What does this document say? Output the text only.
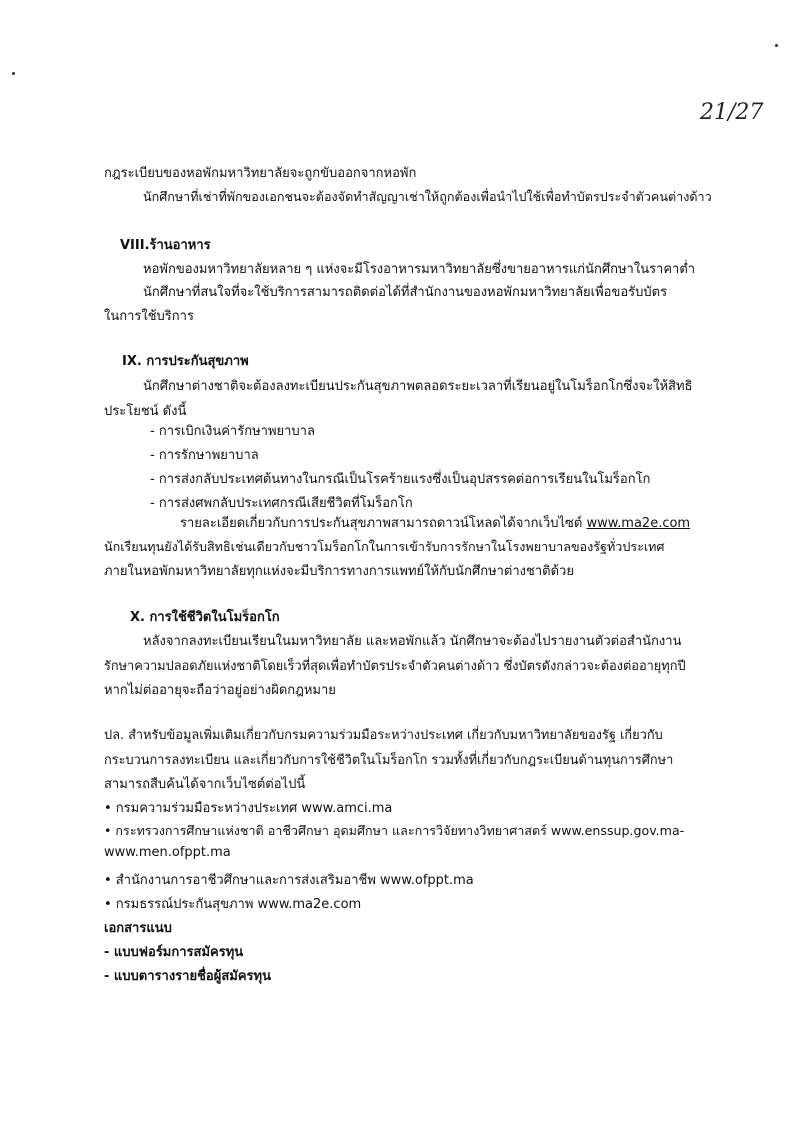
21/27
กฎระเบียบของหอพักมหาวิทยาลัยจะถูกขับออกจากหอพัก
นักศึกษาที่เช่าที่พักของเอกชนจะต้องจัดทำสัญญาเช่าให้ถูกต้องเพื่อนำไปใช้เพื่อทำบัตรประจำตัวคนต่างด้าว
VIII.ร้านอาหาร
หอพักของมหาวิทยาลัยหลาย ๆ แห่งจะมีโรงอาหารมหาวิทยาลัยซึ่งขายอาหารแก่นักศึกษาในราคาต่ำ
นักศึกษาที่สนใจที่จะใช้บริการสามารถติดต่อได้ที่สำนักงานของหอพักมหาวิทยาลัยเพื่อขอรับบัตร
ในการใช้บริการ
IX. การประกันสุขภาพ
นักศึกษาต่างชาติจะต้องลงทะเบียนประกันสุขภาพตลอดระยะเวลาที่เรียนอยู่ในโมร็อกโกซึ่งจะให้สิทธิ
ประโยชน์ ดังนี้
- การเบิกเงินค่ารักษาพยาบาล
- การรักษาพยาบาล
- การส่งกลับประเทศต้นทางในกรณีเป็นโรคร้ายแรงซึ่งเป็นอุปสรรคต่อการเรียนในโมร็อกโก
- การส่งศพกลับประเทศกรณีเสียชีวิตที่โมร็อกโก
รายละเอียดเกี่ยวกับการประกันสุขภาพสามารถดาวน์โหลดได้จากเว็บไซต์ www.ma2e.com
นักเรียนทุนยังได้รับสิทธิเช่นเดียวกับชาวโมร็อกโกในการเข้ารับการรักษาในโรงพยาบาลของรัฐทั่วประเทศ
ภายในหอพักมหาวิทยาลัยทุกแห่งจะมีบริการทางการแพทย์ให้กับนักศึกษาต่างชาติด้วย
X. การใช้ชีวิตในโมร็อกโก
หลังจากลงทะเบียนเรียนในมหาวิทยาลัย และหอพักแล้ว นักศึกษาจะต้องไปรายงานตัวต่อสำนักงาน
รักษาความปลอดภัยแห่งชาติโดยเร็วที่สุดเพื่อทำบัตรประจำตัวคนต่างด้าว ซึ่งบัตรดังกล่าวจะต้องต่ออายุทุกปี
หากไม่ต่ออายุจะถือว่าอยู่อย่างผิดกฎหมาย
ปล. สำหรับข้อมูลเพิ่มเติมเกี่ยวกับกรมความร่วมมือระหว่างประเทศ เกี่ยวกับมหาวิทยาลัยของรัฐ เกี่ยวกับ
กระบวนการลงทะเบียน และเกี่ยวกับการใช้ชีวิตในโมร็อกโก รวมทั้งที่เกี่ยวกับกฎระเบียนด้านทุนการศึกษา
สามารถสืบค้นได้จากเว็บไซต์ต่อไปนี้
• กรมความร่วมมือระหว่างประเทศ www.amci.ma
• กระทรวงการศึกษาแห่งชาติ อาชีวศึกษา อุดมศึกษา และการวิจัยทางวิทยาศาสตร์ www.enssup.gov.ma-
www.men.ofppt.ma
• สำนักงานการอาชีวศึกษาและการส่งเสริมอาชีพ www.ofppt.ma
• กรมธรรณ์ประกันสุขภาพ www.ma2e.com
เอกสารแนบ
- แบบฟอร์มการสมัครทุน
- แบบตารางรายชื่อผู้สมัครทุน
